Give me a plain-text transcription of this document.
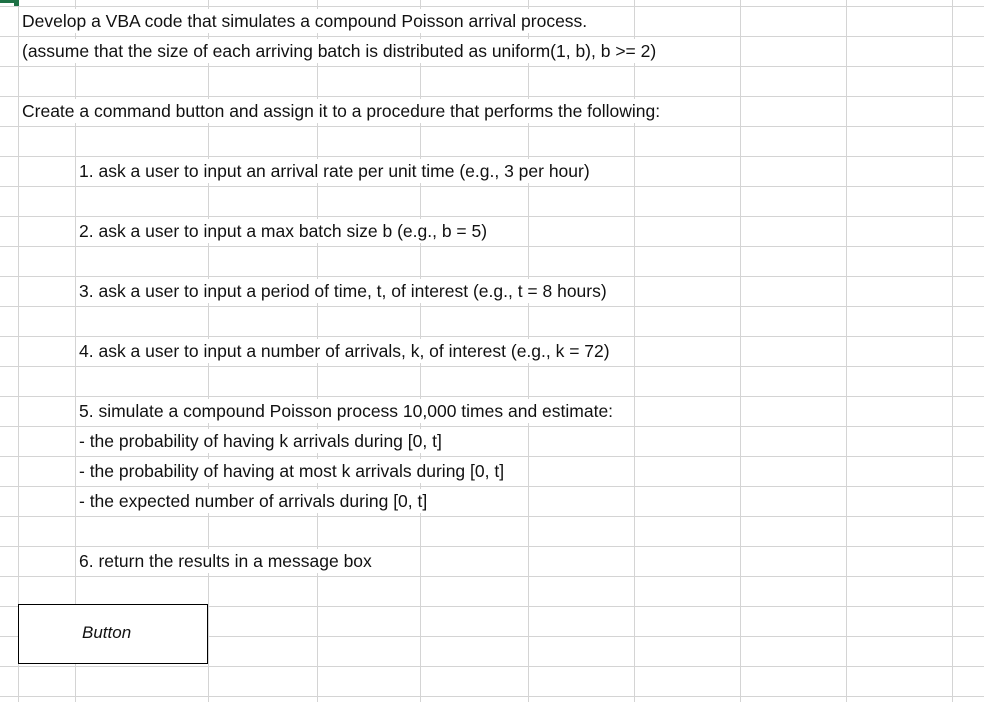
Develop a VBA code that simulates a compound Poisson arrival process.
(assume that the size of each arriving batch is distributed as uniform(1, b), b >= 2)
Create a command button and assign it to a procedure that performs the following:
1. ask a user to input an arrival rate per unit time (e.g., 3 per hour)
2. ask a user to input a max batch size b (e.g., b = 5)
3. ask a user to input a period of time, t, of interest (e.g., t = 8 hours)
4. ask a user to input a number of arrivals, k, of interest (e.g., k = 72)
5. simulate a compound Poisson process 10,000 times and estimate:
- the probability of having k arrivals during [0, t]
- the probability of having at most k arrivals during [0, t]
- the expected number of arrivals during [0, t]
6. return the results in a message box
Button
